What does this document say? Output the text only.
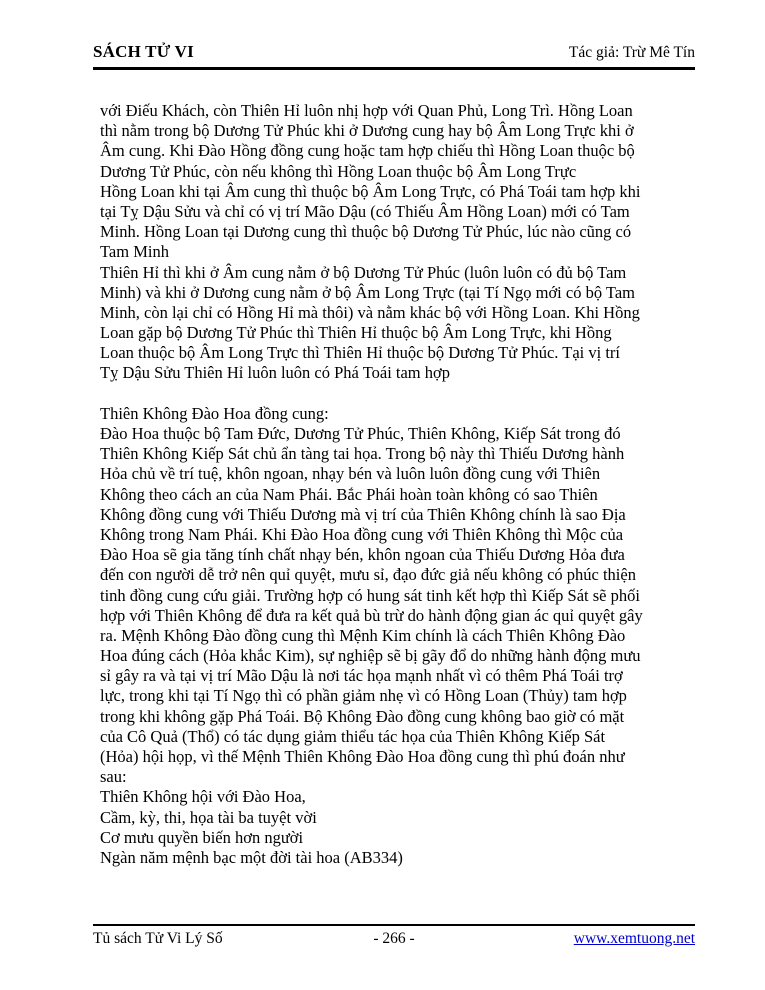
SÁCH TỬ VI	Tác giả: Trừ Mê Tín
với Điếu Khách, còn Thiên Hỉ luôn nhị hợp với Quan Phủ, Long Trì. Hồng Loan
thì nằm trong bộ Dương Tử Phúc khi ở Dương cung hay bộ Âm Long Trực khi ở
Âm cung. Khi Đào Hồng đồng cung hoặc tam hợp chiếu thì Hồng Loan thuộc bộ
Dương Tử Phúc, còn nếu không thì Hồng Loan thuộc bộ Âm Long Trực
Hồng Loan khi tại Âm cung thì thuộc bộ Âm Long Trực, có Phá Toái tam hợp khi
tại Tỵ Dậu Sửu và chỉ có vị trí Mão Dậu (có Thiếu Âm Hồng Loan) mới có Tam
Minh. Hồng Loan tại Dương cung thì thuộc bộ Dương Tử Phúc, lúc nào cũng có
Tam Minh
Thiên Hỉ thì khi ở Âm cung nằm ở bộ Dương Tử Phúc (luôn luôn có đủ bộ Tam
Minh) và khi ở Dương cung nằm ở bộ Âm Long Trực (tại Tí Ngọ mới có bộ Tam
Minh, còn lại chỉ có Hồng Hỉ mà thôi) và nằm khác bộ với Hồng Loan. Khi Hồng
Loan gặp bộ Dương Tử Phúc thì Thiên Hỉ thuộc bộ Âm Long Trực, khi Hồng
Loan thuộc bộ Âm Long Trực thì Thiên Hỉ thuộc bộ Dương Tử Phúc. Tại vị trí
Tỵ Dậu Sửu Thiên Hỉ luôn luôn có Phá Toái tam hợp
Thiên Không Đào Hoa đồng cung:
Đào Hoa thuộc bộ Tam Đức, Dương Tử Phúc, Thiên Không, Kiếp Sát trong đó
Thiên Không Kiếp Sát chủ ẩn tàng tai họa. Trong bộ này thì Thiếu Dương hành
Hỏa chủ về trí tuệ, khôn ngoan, nhạy bén và luôn luôn đồng cung với Thiên
Không theo cách an của Nam Phái. Bắc Phái hoàn toàn không có sao Thiên
Không đồng cung với Thiếu Dương mà vị trí của Thiên Không chính là sao Địa
Không trong Nam Phái. Khi Đào Hoa đồng cung với Thiên Không thì Mộc của
Đào Hoa sẽ gia tăng tính chất nhạy bén, khôn ngoan của Thiếu Dương Hỏa đưa
đến con người dễ trở nên quỉ quyệt, mưu sỉ, đạo đức giả nếu không có phúc thiện
tinh đồng cung cứu giải. Trường hợp có hung sát tinh kết hợp thì Kiếp Sát sẽ phối
hợp với Thiên Không để đưa ra kết quả bù trừ do hành động gian ác quỉ quyệt gây
ra. Mệnh Không Đào đồng cung thì Mệnh Kim chính là cách Thiên Không Đào
Hoa đúng cách (Hỏa khắc Kim), sự nghiệp sẽ bị gãy đổ do những hành động mưu
sỉ gây ra và tại vị trí Mão Dậu là nơi tác họa mạnh nhất vì có thêm Phá Toái trợ
lực, trong khi tại Tí Ngọ thì có phần giảm nhẹ vì có Hồng Loan (Thủy) tam hợp
trong khi không gặp Phá Toái. Bộ Không Đào đồng cung không bao giờ có mặt
của Cô Quả (Thổ) có tác dụng giảm thiểu tác họa của Thiên Không Kiếp Sát
(Hỏa) hội họp, vì thế Mệnh Thiên Không Đào Hoa đồng cung thì phú đoán như
sau:
Thiên Không hội với Đào Hoa,
Cầm, kỳ, thi, họa tài ba tuyệt vời
Cơ mưu quyền biến hơn người
Ngàn năm mệnh bạc một đời tài hoa (AB334)
Tủ sách Tử Vi Lý Số	- 266 -	www.xemtuong.net
